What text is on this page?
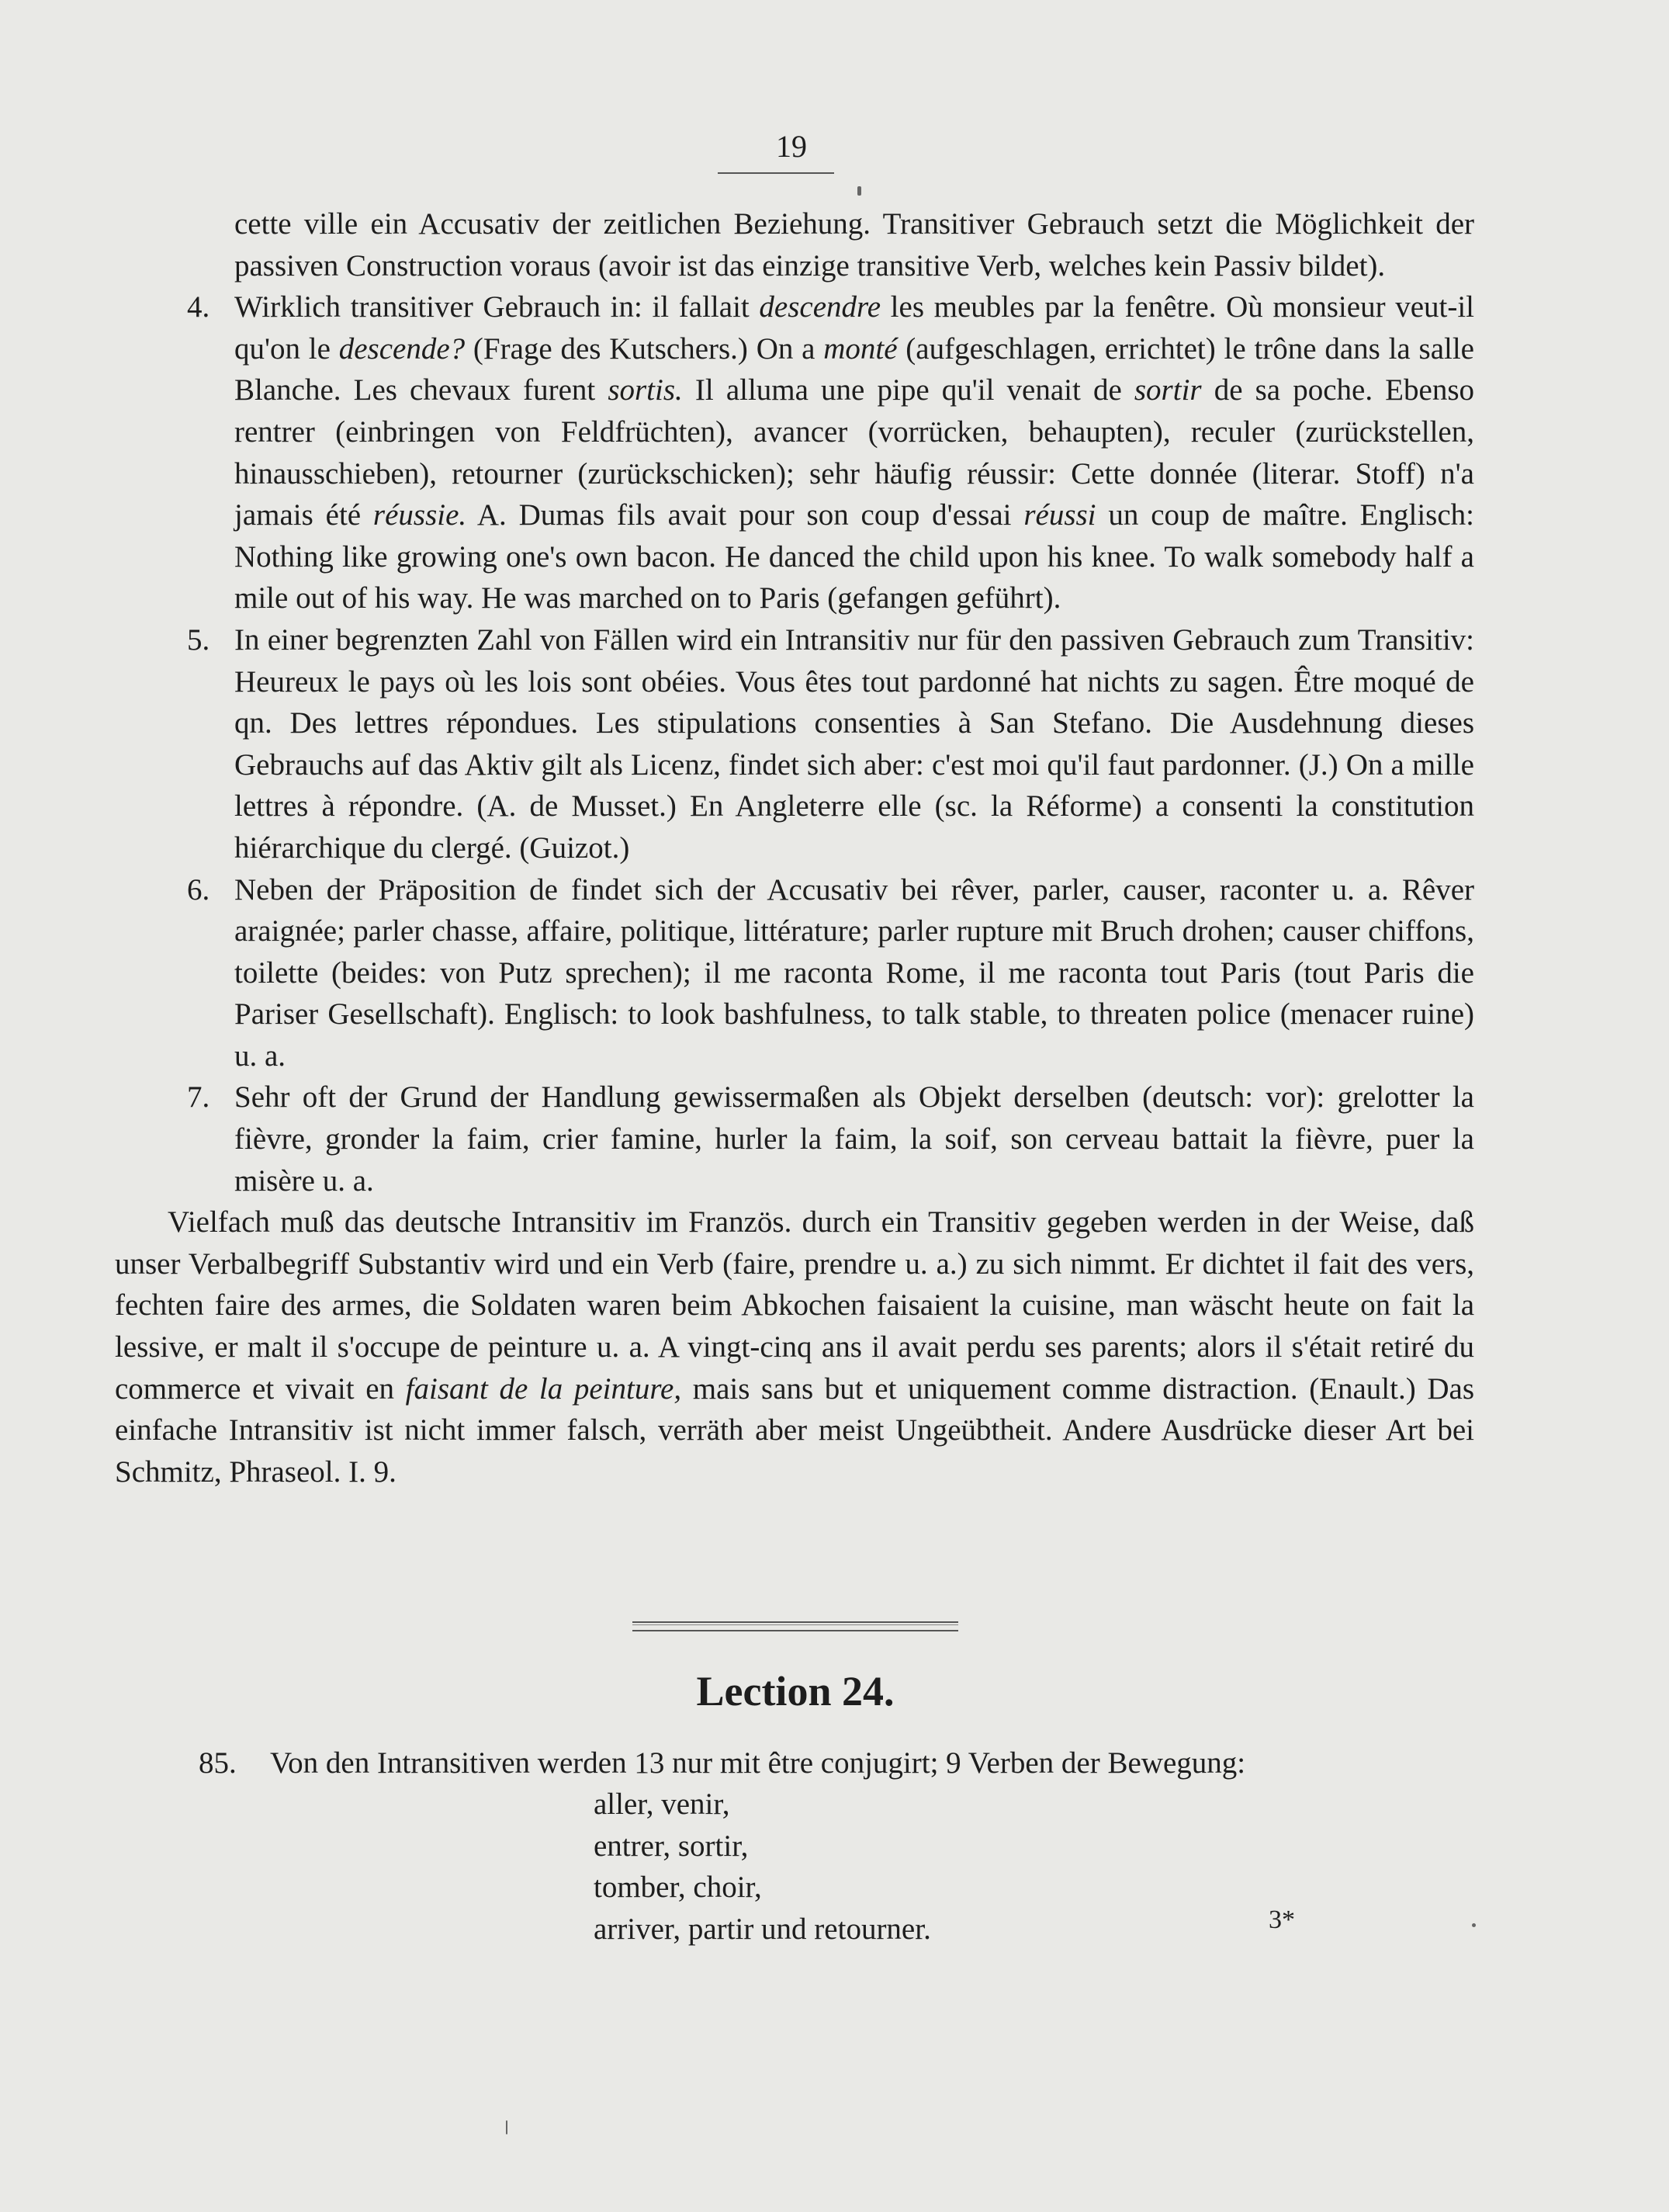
19

cette ville ein Accusativ der zeitlichen Beziehung. Transitiver Gebrauch setzt die Möglichkeit der passiven Construction voraus (avoir ist das einzige transitive Verb, welches kein Passiv bildet).

4. Wirklich transitiver Gebrauch in: il fallait descendre les meubles par la fenêtre. Où monsieur veut-il qu'on le descende? (Frage des Kutschers.) On a monté (aufgeschlagen, errichtet) le trône dans la salle Blanche. Les chevaux furent sortis. Il alluma une pipe qu'il venait de sortir de sa poche. Ebenso rentrer (einbringen von Feldfrüchten), avancer (vorrücken, behaupten), reculer (zurückstellen, hinausschieben), retourner (zurückschicken); sehr häufig réussir: Cette donnée (literar. Stoff) n'a jamais été réussie. A. Dumas fils avait pour son coup d'essai réussi un coup de maître. Englisch: Nothing like growing one's own bacon. He danced the child upon his knee. To walk somebody half a mile out of his way. He was marched on to Paris (gefangen geführt).

5. In einer begrenzten Zahl von Fällen wird ein Intransitiv nur für den passiven Gebrauch zum Transitiv: Heureux le pays où les lois sont obéies. Vous êtes tout pardonné hat nichts zu sagen. Être moqué de qn. Des lettres répondues. Les stipulations consenties à San Stefano. Die Ausdehnung dieses Gebrauchs auf das Aktiv gilt als Licenz, findet sich aber: c'est moi qu'il faut pardonner. (J.) On a mille lettres à répondre. (A. de Musset.) En Angleterre elle (sc. la Réforme) a consenti la constitution hiérarchique du clergé. (Guizot.)

6. Neben der Präposition de findet sich der Accusativ bei rêver, parler, causer, raconter u. a. Rêver araignée; parler chasse, affaire, politique, littérature; parler rupture mit Bruch drohen; causer chiffons, toilette (beides: von Putz sprechen); il me raconta Rome, il me raconta tout Paris (tout Paris die Pariser Gesellschaft). Englisch: to look bashfulness, to talk stable, to threaten police (menacer ruine) u. a.

7. Sehr oft der Grund der Handlung gewissermaßen als Objekt derselben (deutsch: vor): grelotter la fièvre, gronder la faim, crier famine, hurler la faim, la soif, son cerveau battait la fièvre, puer la misère u. a.

Vielfach muß das deutsche Intransitiv im Französ. durch ein Transitiv gegeben werden in der Weise, daß unser Verbalbegriff Substantiv wird und ein Verb (faire, prendre u. a.) zu sich nimmt. Er dichtet il fait des vers, fechten faire des armes, die Soldaten waren beim Abkochen faisaient la cuisine, man wäscht heute on fait la lessive, er malt il s'occupe de peinture u. a. A vingt-cinq ans il avait perdu ses parents; alors il s'était retiré du commerce et vivait en faisant de la peinture, mais sans but et uniquement comme distraction. (Enault.) Das einfache Intransitiv ist nicht immer falsch, verräth aber meist Ungeübtheit. Andere Ausdrücke dieser Art bei Schmitz, Phraseol. I. 9.

Lection 24.
85. Von den Intransitiven werden 13 nur mit être conjugirt; 9 Verben der Bewegung:
aller, venir,
entrer, sortir,
tomber, choir,
arriver, partir und retourner.	3*
